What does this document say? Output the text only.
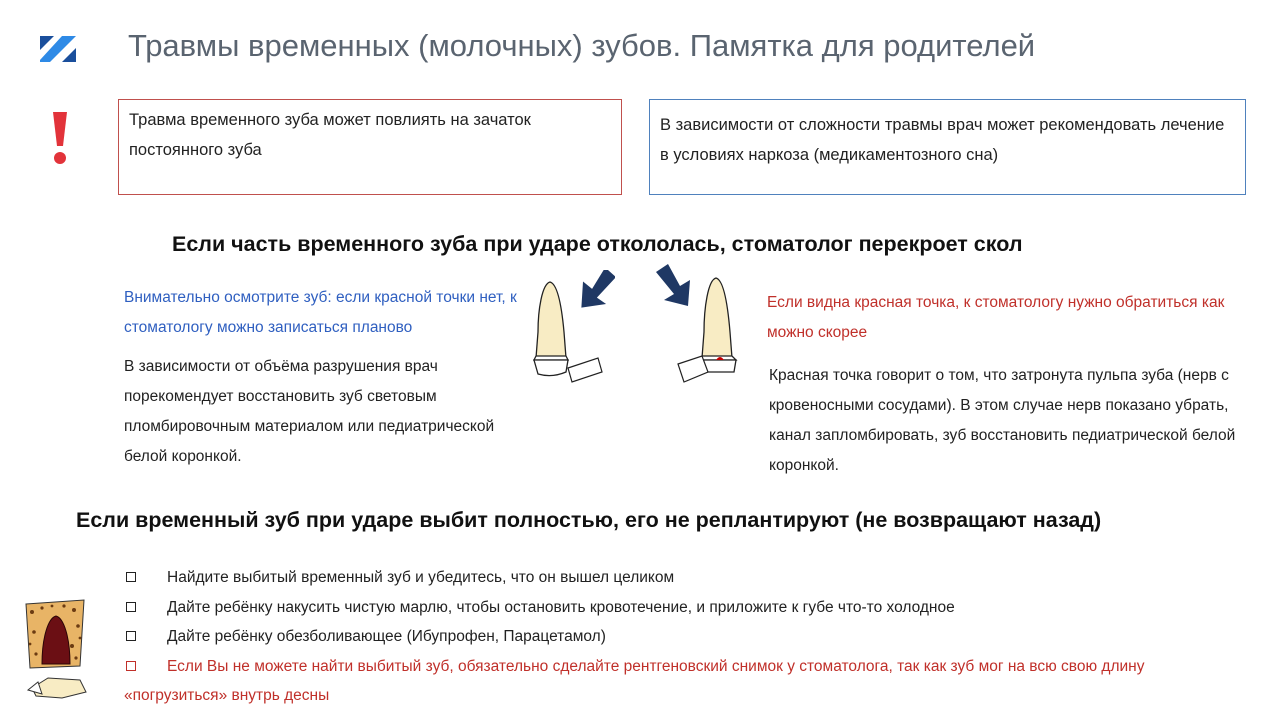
Травмы временных (молочных) зубов. Памятка для родителей
Травма временного зуба может повлиять на зачаток постоянного зуба
В зависимости от сложности травмы врач может рекомендовать лечение в условиях наркоза (медикаментозного сна)
Если часть временного зуба при ударе откололась, стоматолог перекроет скол
Внимательно осмотрите зуб: если красной точки нет, к стоматологу можно записаться планово
В зависимости от объёма разрушения врач порекомендует восстановить зуб световым пломбировочным материалом или педиатрической белой коронкой.
Если видна красная точка, к стоматологу нужно обратиться как можно скорее
Красная точка говорит о том, что затронута пульпа зуба (нерв с кровеносными сосудами). В этом случае нерв показано убрать, канал запломбировать, зуб восстановить педиатрической белой коронкой.
Если временный зуб при ударе выбит полностью, его не реплантируют (не возвращают назад)
Найдите выбитый временный зуб и убедитесь, что он вышел целиком
Дайте ребёнку накусить чистую марлю, чтобы остановить кровотечение, и приложите к губе что-то холодное
Дайте ребёнку обезболивающее (Ибупрофен, Парацетамол)
Если Вы не можете найти выбитый зуб, обязательно сделайте рентгеновский снимок у стоматолога, так как зуб мог на всю свою длину «погрузиться» внутрь десны
